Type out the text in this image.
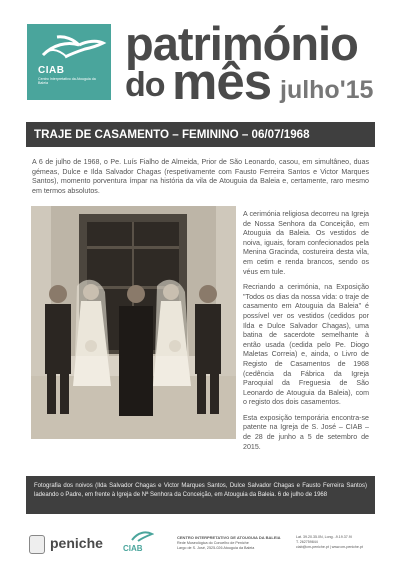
CIAB
Centro Interpretativo da Atouguia da Baleia
património
do mês julho'15
TRAJE DE CASAMENTO – FEMININO – 06/07/1968
A 6 de julho de 1968, o Pe. Luís Fialho de Almeida, Prior de São Leonardo, casou, em simultâneo, duas gémeas, Dulce e Ilda Salvador Chagas (respetivamente com Fausto Ferreira Santos e Victor Marques Santos), momento porventura ímpar na história da vila de Atouguia da Baleia e, certamente, raro mesmo em termos absolutos.

A cerimónia religiosa decorreu na Igreja de Nossa Senhora da Conceição, em Atouguia da Baleia. Os vestidos de noiva, iguais, foram confecionados pela Menina Gracinda, costureira desta vila, em cetim e renda brancos, sendo os véus em tule.

Recriando a cerimónia, na Exposição "Todos os dias da nossa vida: o traje de casamento em Atouguia da Baleia" é possível ver os vestidos (cedidos por Ilda e Dulce Salvador Chagas), uma batina de sacerdote semelhante à então usada (cedida pelo Pe. Diogo Maletas Correia) e, ainda, o Livro de Registo de Casamentos de 1968 (cedência da Fábrica da Igreja Paroquial da Freguesia de São Leonardo de Atouguia da Baleia), com o registo dos dois casamentos.

Esta exposição temporária encontra-se patente na Igreja de S. José – CIAB – de 28 de junho a 5 de setembro de 2015.

Fotografia dos noivos (Ilda Salvador Chagas e Victor Marques Santos, Dulce Salvador Chagas e Fausto Ferreira Santos) ladeando o Padre, em frente à Igreja de Nª Senhora da Conceição, em Atouguia da Baleia. 6 de julho de 1968
peniche	CIAB
CENTRO INTERPRETATIVO DE ATOUGUIA DA BALEIA
Rede Museológica do Concelho de Peniche
Largo de S. José, 2525-026 Atouguia da Baleia
Lat. 39.20.35.0N, Long. -9.19.37.9I
T. 262759844
ciab@cm-peniche.pt | www.cm-peniche.pt
